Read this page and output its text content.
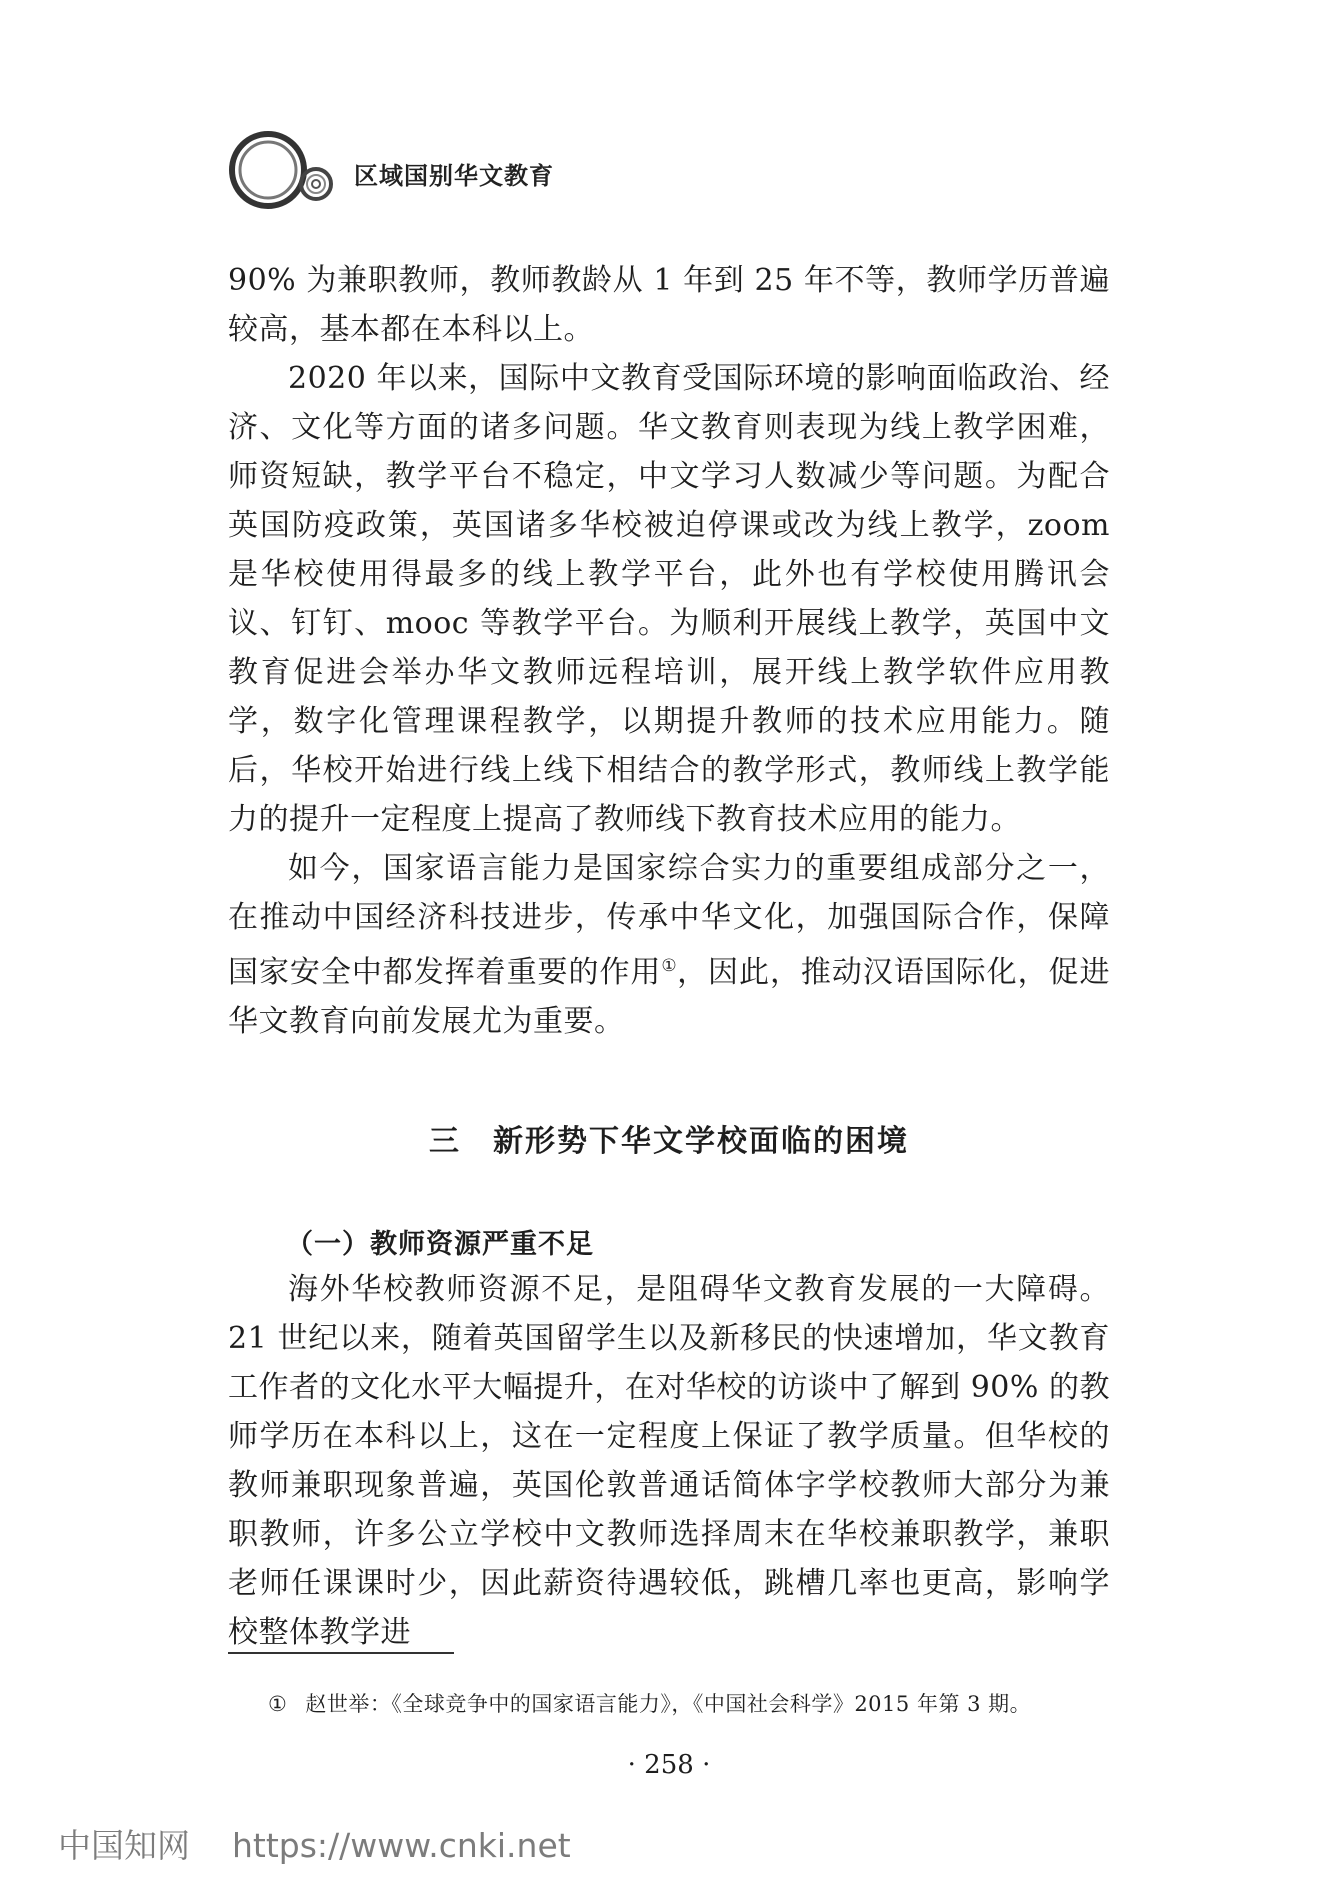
区域国别华文教育

90% 为兼职教师，教师教龄从 1 年到 25 年不等，教师学历普遍较高，基本都在本科以上。

2020 年以来，国际中文教育受国际环境的影响面临政治、经济、文化等方面的诸多问题。华文教育则表现为线上教学困难，师资短缺，教学平台不稳定，中文学习人数减少等问题。为配合英国防疫政策，英国诸多华校被迫停课或改为线上教学，zoom 是华校使用得最多的线上教学平台，此外也有学校使用腾讯会议、钉钉、mooc 等教学平台。为顺利开展线上教学，英国中文教育促进会举办华文教师远程培训，展开线上教学软件应用教学，数字化管理课程教学，以期提升教师的技术应用能力。随后，华校开始进行线上线下相结合的教学形式，教师线上教学能力的提升一定程度上提高了教师线下教育技术应用的能力。

如今，国家语言能力是国家综合实力的重要组成部分之一，在推动中国经济科技进步，传承中华文化，加强国际合作，保障国家安全中都发挥着重要的作用①，因此，推动汉语国际化，促进华文教育向前发展尤为重要。

三　新形势下华文学校面临的困境
（一）教师资源严重不足

海外华校教师资源不足，是阻碍华文教育发展的一大障碍。21 世纪以来，随着英国留学生以及新移民的快速增加，华文教育工作者的文化水平大幅提升，在对华校的访谈中了解到 90% 的教师学历在本科以上，这在一定程度上保证了教学质量。但华校的教师兼职现象普遍，英国伦敦普通话简体字学校教师大部分为兼职教师，许多公立学校中文教师选择周末在华校兼职教学，兼职老师任课课时少，因此薪资待遇较低，跳槽几率也更高，影响学校整体教学进

① 赵世举：《全球竞争中的国家语言能力》，《中国社会科学》2015 年第 3 期。
· 258 ·
中国知网 https://www.cnki.net
